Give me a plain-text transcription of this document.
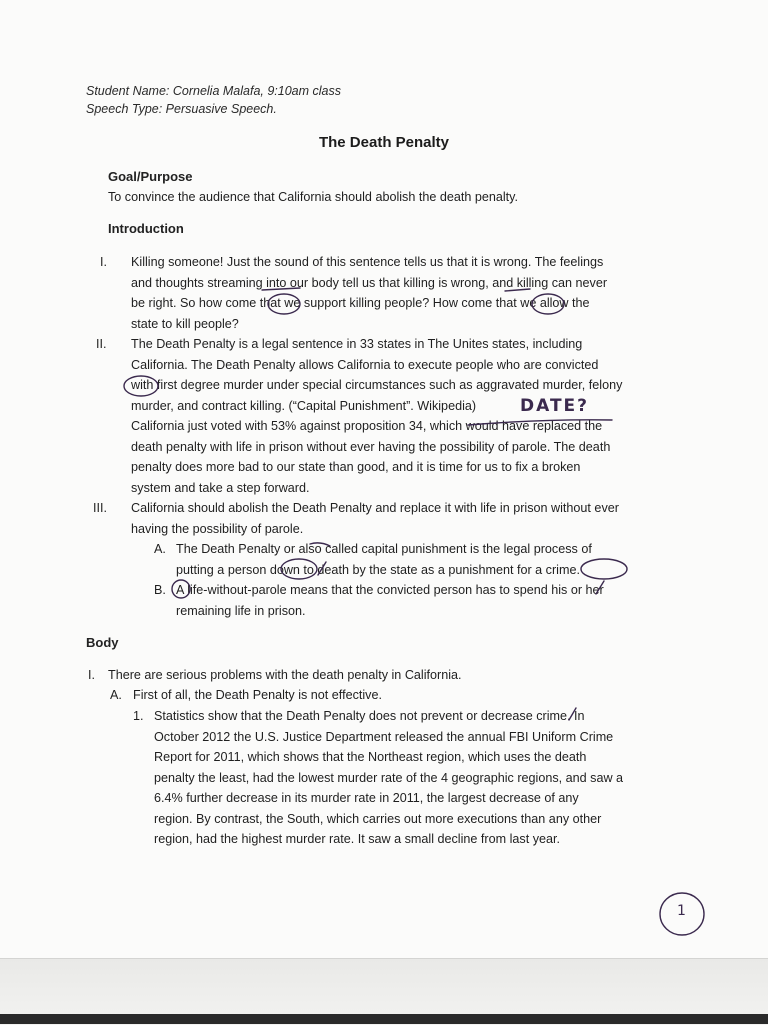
Student Name: Cornelia Malafa, 9:10am class
Speech Type: Persuasive Speech.
The Death Penalty
Goal/Purpose
To convince the audience that California should abolish the death penalty.
Introduction
I. Killing someone! Just the sound of this sentence tells us that it is wrong. The feelings
and thoughts streaming into our body tell us that killing is wrong, and killing can never
be right. So how come that we support killing people? How come that we allow the
state to kill people?
II. The Death Penalty is a legal sentence in 33 states in The Unites states, including
California. The Death Penalty allows California to execute people who are convicted
with first degree murder under special circumstances such as aggravated murder, felony
murder, and contract killing. (“Capital Punishment”. Wikipedia)
California just voted with 53% against proposition 34, which would have replaced the
death penalty with life in prison without ever having the possibility of parole. The death
penalty does more bad to our state than good, and it is time for us to fix a broken
system and take a step forward.
III. California should abolish the Death Penalty and replace it with life in prison without ever
having the possibility of parole.
A. The Death Penalty or also called capital punishment is the legal process of
putting a person down to death by the state as a punishment for a crime.
B. A life-without-parole means that the convicted person has to spend his or her
remaining life in prison.
Body
I. There are serious problems with the death penalty in California.
A. First of all, the Death Penalty is not effective.
1. Statistics show that the Death Penalty does not prevent or decrease crime. In
October 2012 the U.S. Justice Department released the annual FBI Uniform Crime
Report for 2011, which shows that the Northeast region, which uses the death
penalty the least, had the lowest murder rate of the 4 geographic regions, and saw a
6.4% further decrease in its murder rate in 2011, the largest decrease of any
region. By contrast, the South, which carries out more executions than any other
region, had the highest murder rate. It saw a small decline from last year.
DATE?
1
